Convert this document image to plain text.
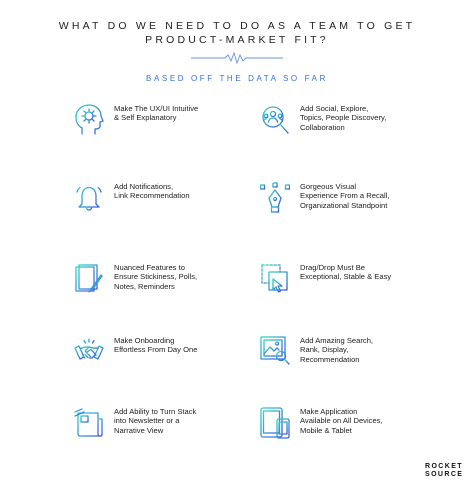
WHAT DO WE NEED TO DO AS A TEAM TO GET
PRODUCT-MARKET FIT?
BASED OFF THE DATA SO FAR
Make The UX/UI Intuitive
& Self Explanatory
Add Social, Explore,
Topics, People Discovery,
Collaboration
Add Notifications,
Link Recommendation
Gorgeous Visual
Experience From a Recall,
Organizational Standpoint
Nuanced Features to
Ensure Stickiness, Polls,
Notes, Reminders
Drag/Drop Must Be
Exceptional, Stable & Easy
Make Onboarding
Effortless From Day One
Add Amazing Search,
Rank, Display,
Recommendation
Add Ability to Turn Stack
into Newsletter or a
Narrative View
Make Application
Available on All Devices,
Mobile & Tablet
ROCKET
SOURCE
